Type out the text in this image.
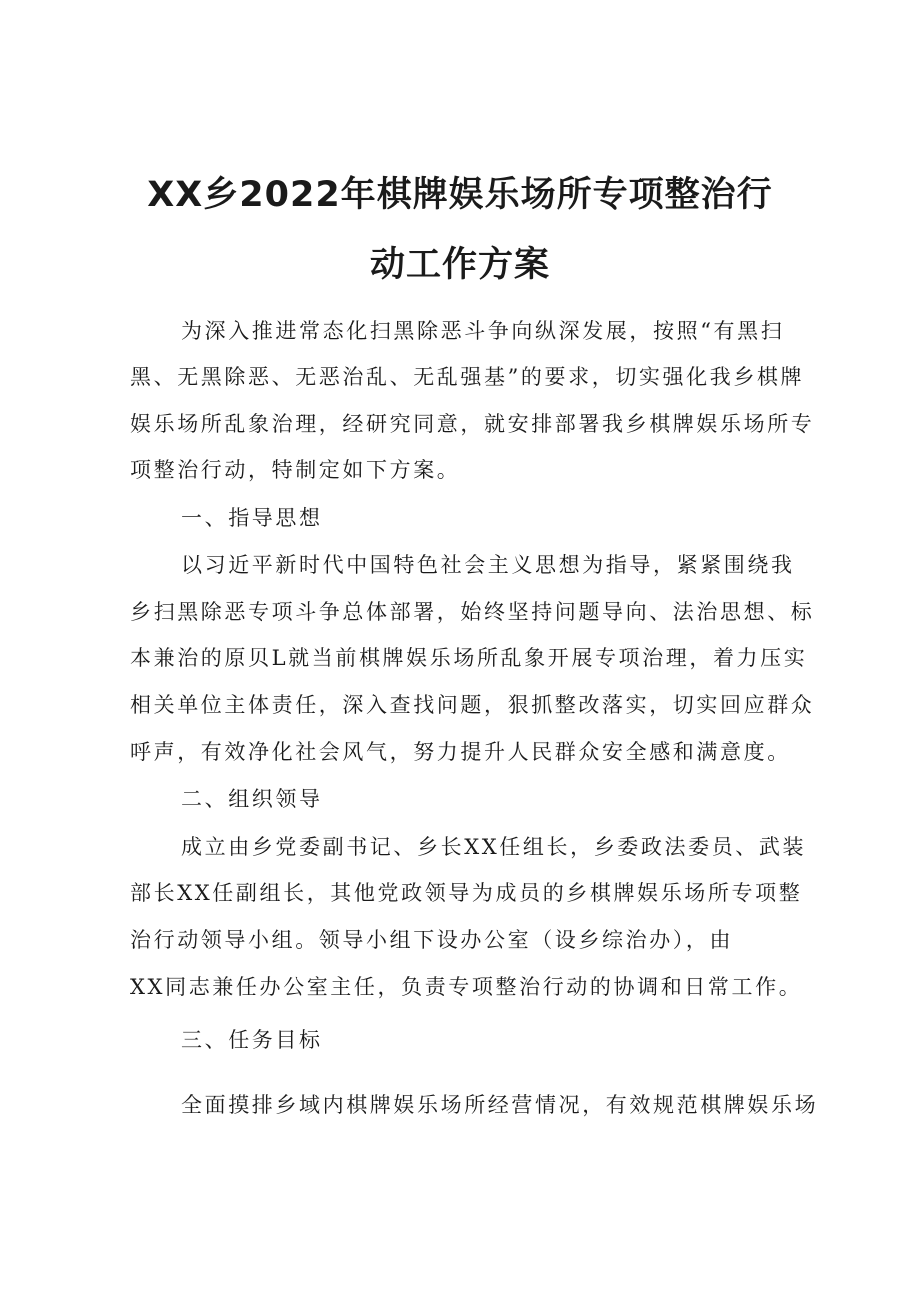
XX乡2022年棋牌娱乐场所专项整治行
动工作方案
为深入推进常态化扫黑除恶斗争向纵深发展，按照“有黑扫
黑、无黑除恶、无恶治乱、无乱强基”的要求，切实强化我乡棋牌
娱乐场所乱象治理，经研究同意，就安排部署我乡棋牌娱乐场所专
项整治行动，特制定如下方案。
一、指导思想
以习近平新时代中国特色社会主义思想为指导，紧紧围绕我
乡扫黑除恶专项斗争总体部署，始终坚持问题导向、法治思想、标
本兼治的原贝L就当前棋牌娱乐场所乱象开展专项治理，着力压实
相关单位主体责任，深入查找问题，狠抓整改落实，切实回应群众
呼声，有效净化社会风气，努力提升人民群众安全感和满意度。
二、组织领导
成立由乡党委副书记、乡长XX任组长，乡委政法委员、武装
部长XX任副组长，其他党政领导为成员的乡棋牌娱乐场所专项整
治行动领导小组。领导小组下设办公室（设乡综治办），由
XX同志兼任办公室主任，负责专项整治行动的协调和日常工作。
三、任务目标
全面摸排乡域内棋牌娱乐场所经营情况，有效规范棋牌娱乐场
